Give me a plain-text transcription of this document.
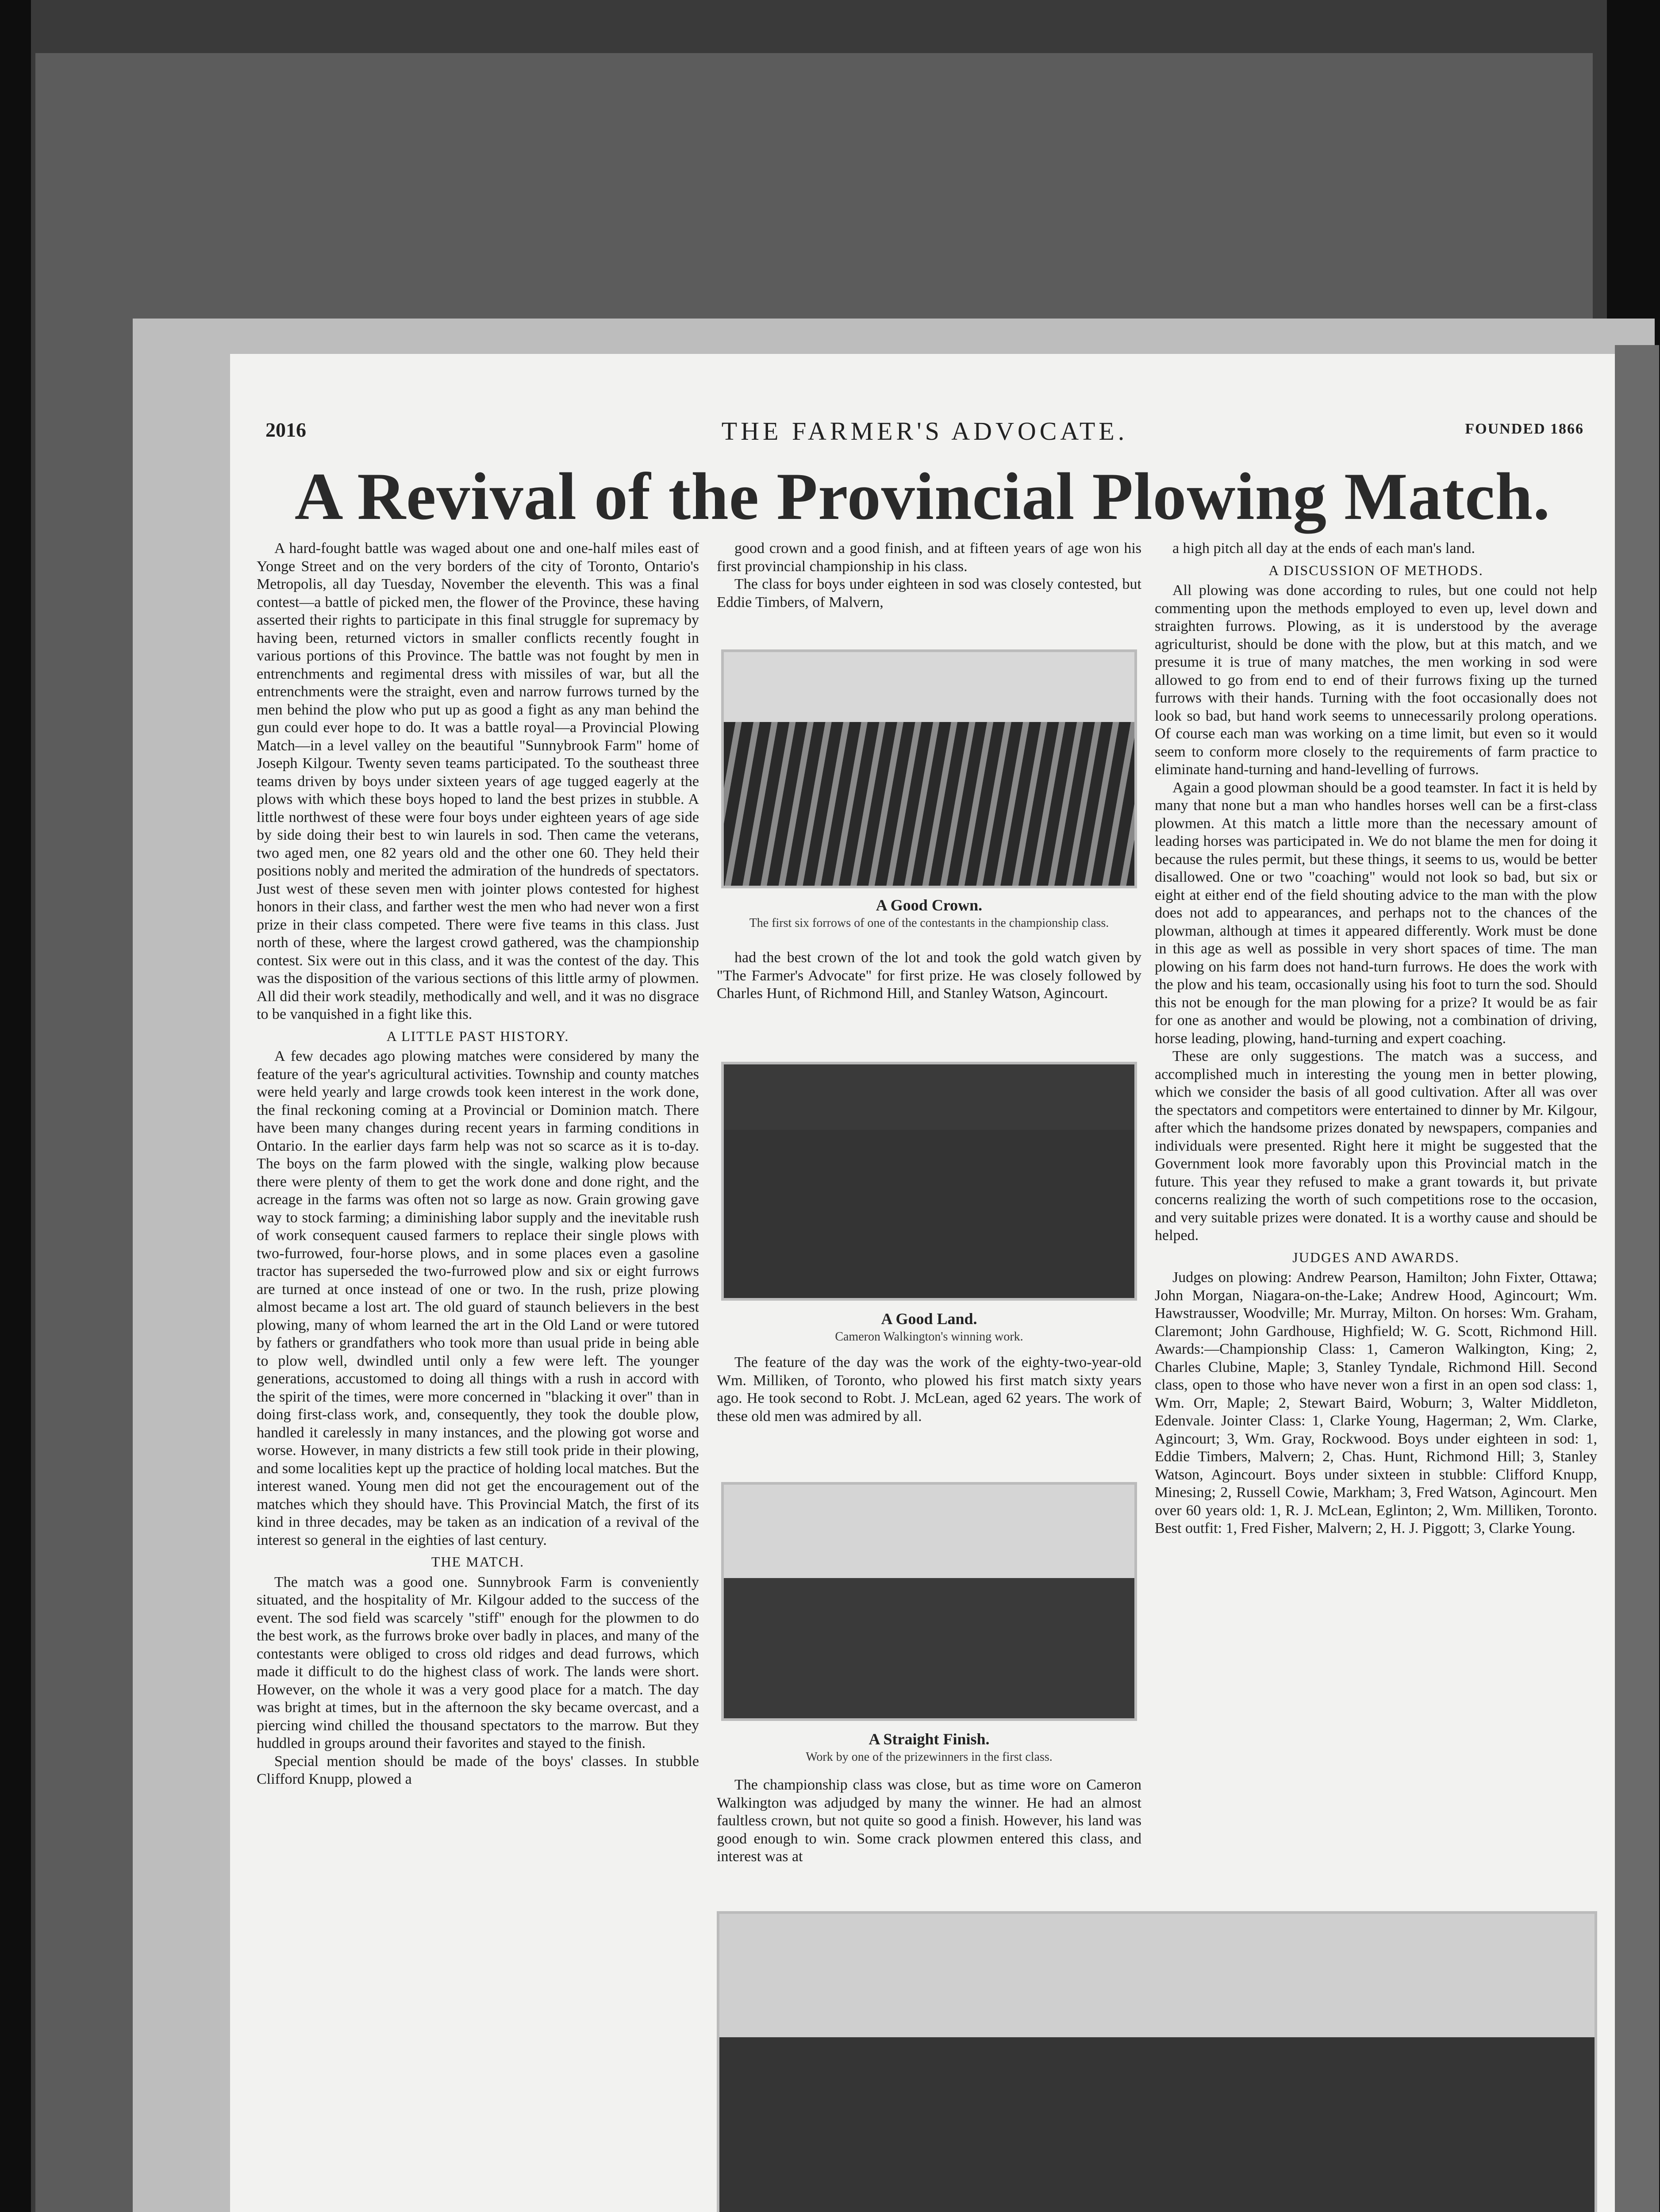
2016	THE FARMER'S ADVOCATE.	FOUNDED 1866
A Revival of the Provincial Plowing Match.

A hard-fought battle was waged about one and one-half miles east of Yonge Street and on the very borders of the city of Toronto, Ontario's Metropolis, all day Tuesday, November the eleventh. This was a final contest—a battle of picked men, the flower of the Province, these having asserted their rights to participate in this final struggle for supremacy by having been, returned victors in smaller conflicts recently fought in various portions of this Province. The battle was not fought by men in entrenchments and regimental dress with missiles of war, but all the entrenchments were the straight, even and narrow furrows turned by the men behind the plow who put up as good a fight as any man behind the gun could ever hope to do. It was a battle royal—a Provincial Plowing Match—in a level valley on the beautiful "Sunnybrook Farm" home of Joseph Kilgour. Twenty seven teams participated. To the southeast three teams driven by boys under sixteen years of age tugged eagerly at the plows with which these boys hoped to land the best prizes in stubble. A little northwest of these were four boys under eighteen years of age side by side doing their best to win laurels in sod. Then came the veterans, two aged men, one 82 years old and the other one 60. They held their positions nobly and merited the admiration of the hundreds of spectators. Just west of these seven men with jointer plows contested for highest honors in their class, and farther west the men who had never won a first prize in their class competed. There were five teams in this class. Just north of these, where the largest crowd gathered, was the championship contest. Six were out in this class, and it was the contest of the day. This was the disposition of the various sections of this little army of plowmen. All did their work steadily, methodically and well, and it was no disgrace to be vanquished in a fight like this.

A LITTLE PAST HISTORY.

A few decades ago plowing matches were considered by many the feature of the year's agricultural activities. Township and county matches were held yearly and large crowds took keen interest in the work done, the final reckoning coming at a Provincial or Dominion match. There have been many changes during recent years in farming conditions in Ontario. In the earlier days farm help was not so scarce as it is to-day. The boys on the farm plowed with the single, walking plow because there were plenty of them to get the work done and done right, and the acreage in the farms was often not so large as now. Grain growing gave way to stock farming; a diminishing labor supply and the inevitable rush of work consequent caused farmers to replace their single plows with two-furrowed, four-horse plows, and in some places even a gasoline tractor has superseded the two-furrowed plow and six or eight furrows are turned at once instead of one or two. In the rush, prize plowing almost became a lost art. The old guard of staunch believers in the best plowing, many of whom learned the art in the Old Land or were tutored by fathers or grandfathers who took more than usual pride in being able to plow well, dwindled until only a few were left. The younger generations, accustomed to doing all things with a rush in accord with the spirit of the times, were more concerned in "blacking it over" than in doing first-class work, and, consequently, they took the double plow, handled it carelessly in many instances, and the plowing got worse and worse. However, in many districts a few still took pride in their plowing, and some localities kept up the practice of holding local matches. But the interest waned. Young men did not get the encouragement out of the matches which they should have. This Provincial Match, the first of its kind in three decades, may be taken as an indication of a revival of the interest so general in the eighties of last century.

THE MATCH.

The match was a good one. Sunnybrook Farm is conveniently situated, and the hospitality of Mr. Kilgour added to the success of the event. The sod field was scarcely "stiff" enough for the plowmen to do the best work, as the furrows broke over badly in places, and many of the contestants were obliged to cross old ridges and dead furrows, which made it difficult to do the highest class of work. The lands were short. However, on the whole it was a very good place for a match. The day was bright at times, but in the afternoon the sky became overcast, and a piercing wind chilled the thousand spectators to the marrow. But they huddled in groups around their favorites and stayed to the finish.

Special mention should be made of the boys' classes. In stubble Clifford Knupp, plowed a

good crown and a good finish, and at fifteen years of age won his first provincial championship in his class.

The class for boys under eighteen in sod was closely contested, but Eddie Timbers, of Malvern,

A Good Crown.
The first six forrows of one of the contestants in the championship class.

had the best crown of the lot and took the gold watch given by "The Farmer's Advocate" for first prize. He was closely followed by Charles Hunt, of Richmond Hill, and Stanley Watson, Agincourt.

A Good Land.
Cameron Walkington's winning work.

The feature of the day was the work of the eighty-two-year-old Wm. Milliken, of Toronto, who plowed his first match sixty years ago. He took second to Robt. J. McLean, aged 62 years. The work of these old men was admired by all.

A Straight Finish.
Work by one of the prizewinners in the first class.

The championship class was close, but as time wore on Cameron Walkington was adjudged by many the winner. He had an almost faultless crown, but not quite so good a finish. However, his land was good enough to win. Some crack plowmen entered this class, and interest was at

a high pitch all day at the ends of each man's land.

A DISCUSSION OF METHODS.

All plowing was done according to rules, but one could not help commenting upon the methods employed to even up, level down and straighten furrows. Plowing, as it is understood by the average agriculturist, should be done with the plow, but at this match, and we presume it is true of many matches, the men working in sod were allowed to go from end to end of their furrows fixing up the turned furrows with their hands. Turning with the foot occasionally does not look so bad, but hand work seems to unnecessarily prolong operations. Of course each man was working on a time limit, but even so it would seem to conform more closely to the requirements of farm practice to eliminate hand-turning and hand-levelling of furrows.

Again a good plowman should be a good teamster. In fact it is held by many that none but a man who handles horses well can be a first-class plowmen. At this match a little more than the necessary amount of leading horses was participated in. We do not blame the men for doing it because the rules permit, but these things, it seems to us, would be better disallowed. One or two "coaching" would not look so bad, but six or eight at either end of the field shouting advice to the man with the plow does not add to appearances, and perhaps not to the chances of the plowman, although at times it appeared differently. Work must be done in this age as well as possible in very short spaces of time. The man plowing on his farm does not hand-turn furrows. He does the work with the plow and his team, occasionally using his foot to turn the sod. Should this not be enough for the man plowing for a prize? It would be as fair for one as another and would be plowing, not a combination of driving, horse leading, plowing, hand-turning and expert coaching.

These are only suggestions. The match was a success, and accomplished much in interesting the young men in better plowing, which we consider the basis of all good cultivation. After all was over the spectators and competitors were entertained to dinner by Mr. Kilgour, after which the handsome prizes donated by newspapers, companies and individuals were presented. Right here it might be suggested that the Government look more favorably upon this Provincial match in the future. This year they refused to make a grant towards it, but private concerns realizing the worth of such competitions rose to the occasion, and very suitable prizes were donated. It is a worthy cause and should be helped.

JUDGES AND AWARDS.

Judges on plowing: Andrew Pearson, Hamilton; John Fixter, Ottawa; John Morgan, Niagara-on-the-Lake; Andrew Hood, Agincourt; Wm. Hawstrausser, Woodville; Mr. Murray, Milton. On horses: Wm. Graham, Claremont; John Gardhouse, Highfield; W. G. Scott, Richmond Hill. Awards:—Championship Class: 1, Cameron Walkington, King; 2, Charles Clubine, Maple; 3, Stanley Tyndale, Richmond Hill. Second class, open to those who have never won a first in an open sod class: 1, Wm. Orr, Maple; 2, Stewart Baird, Woburn; 3, Walter Middleton, Edenvale. Jointer Class: 1, Clarke Young, Hagerman; 2, Wm. Clarke, Agincourt; 3, Wm. Gray, Rockwood. Boys under eighteen in sod: 1, Eddie Timbers, Malvern; 2, Chas. Hunt, Richmond Hill; 3, Stanley Watson, Agincourt. Boys under sixteen in stubble: Clifford Knupp, Minesing; 2, Russell Cowie, Markham; 3, Fred Watson, Agincourt. Men over 60 years old: 1, R. J. McLean, Eglinton; 2, Wm. Milliken, Toronto. Best outfit: 1, Fred Fisher, Malvern; 2, H. J. Piggott; 3, Clarke Young.
